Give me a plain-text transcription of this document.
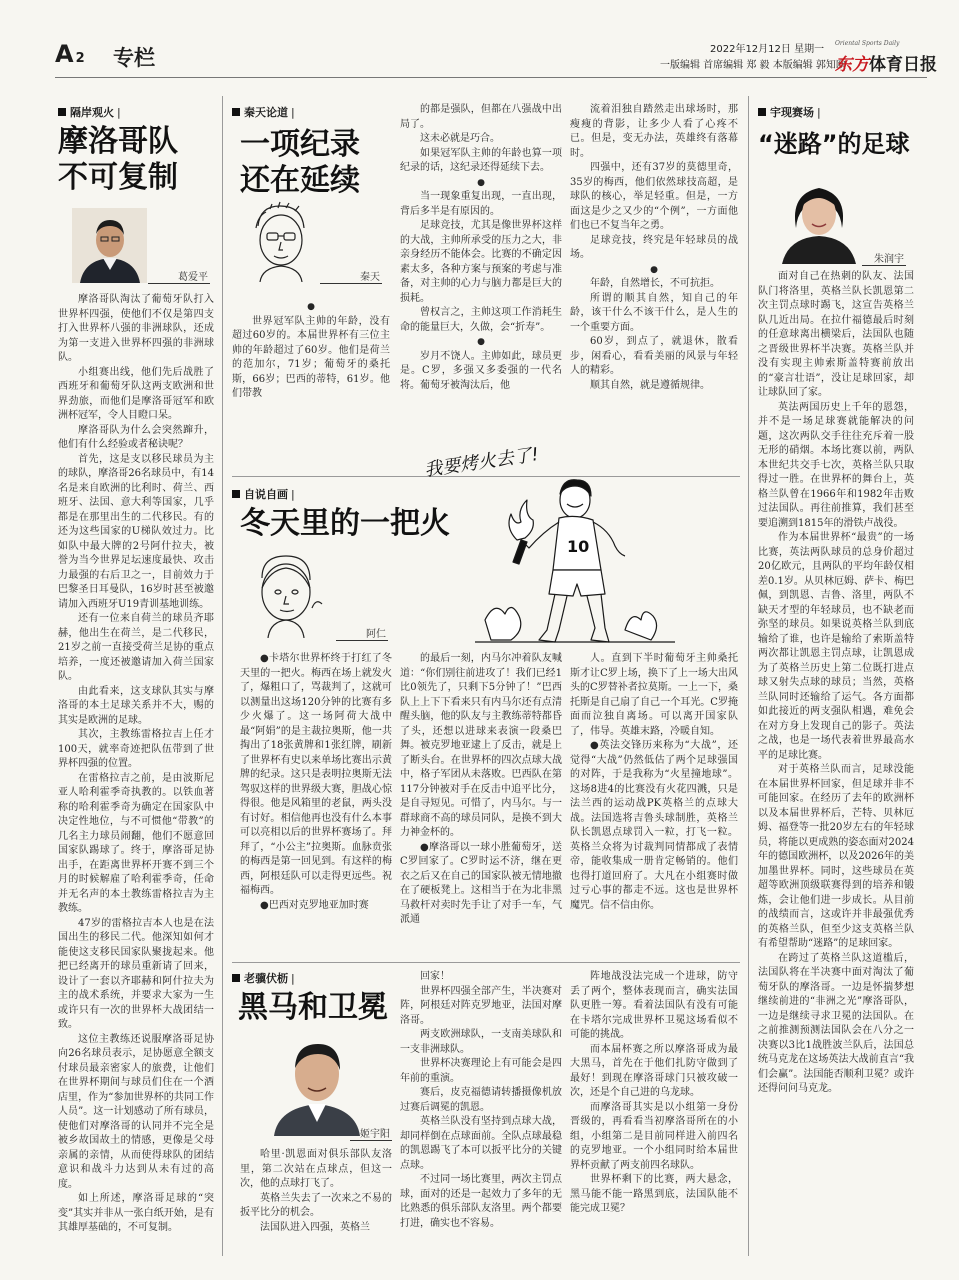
A2 专栏	2022年12月12日 星期一
一版编辑 首席编辑 郑 毅 本版编辑 郭知欧
Oriental Sports Daily
东方体育日报
隔岸观火 |
摩洛哥队
不可复制
葛爱平

摩洛哥队淘汰了葡萄牙队打入世界杯四强，使他们不仅是第四支打入世界杯八强的非洲球队，还成为第一支进入世界杯四强的非洲球队。

小组赛出线，他们先后战胜了西班牙和葡萄牙队这两支欧洲和世界劲旅，而他们是摩洛哥冠军和欧洲杯冠军，令人目瞪口呆。

摩洛哥队为什么会突然蹿升，他们有什么经验或者秘诀呢？

首先，这是支以移民球员为主的球队，摩洛哥26名球员中，有14名是来自欧洲的比利时、荷兰、西班牙、法国、意大利等国家，几乎都是在那里出生的二代移民。有的还为这些国家的U梯队效过力。比如队中最大牌的2号阿什拉夫，被誉为当今世界足坛速度最快、攻击力最强的右后卫之一，目前效力于巴黎圣日耳曼队，16岁时甚至被邀请加入西班牙U19青训基地训练。

还有一位来自荷兰的球员齐耶赫，他出生在荷兰，是二代移民，21岁之前一直接受荷兰足协的重点培养，一度还被邀请加入荷兰国家队。

由此看来，这支球队其实与摩洛哥的本土足球关系并不大，赐的其实是欧洲的足球。

其次，主教练雷格拉吉上任才100天，就率奇迹把队伍带到了世界杯四强的位置。

在雷格拉吉之前，是由波斯尼亚人哈利霍季奇执教的。以铁血著称的哈利霍季奇为确定在国家队中决定性地位，与不可惯他“带教”的几名主力球员闹翻，他们不愿意回国家队踢球了。终于，摩洛哥足协出手，在距离世界杯开赛不到三个月的时候解雇了哈利霍季奇，任命并无名声的本土教练雷格拉吉为主教练。

47岁的雷格拉吉本人也是在法国出生的移民二代。他深知如何才能使这支移民国家队聚拢起来。他把已经离开的球员重新请了回来，设计了一套以齐耶赫和阿什拉夫为主的战术系统，并要求大家为一生或许只有一次的世界杯大战团结一致。

这位主教练还说服摩洛哥足协向26名球员表示，足协愿意全额支付球员最亲密家人的旅费，让他们在世界杯期间与球员们住在一个酒店里，作为“参加世界杯的共同工作人员”。这一计划感动了所有球员，使他们对摩洛哥的认同并不完全是被乡故国故土的情感，更像是父母亲属的亲情，从而使得球队的团结意识和战斗力达到从未有过的高度。

如上所述，摩洛哥足球的“突变”其实并非从一张白纸开始，是有其雄厚基础的，不可复制。

秦天论道 |
一项纪录
还在延续
秦天

●

世界冠军队主帅的年龄，没有超过60岁的。本届世界杯有三位主帅的年龄超过了60岁。他们是荷兰的范加尔，71岁；葡萄牙的桑托斯，66岁；巴西的蒂特，61岁。他们带教

的都是强队，但都在八强战中出局了。

这未必就是巧合。

如果冠军队主帅的年龄也算一项纪录的话，这纪录还得延续下去。

●

当一现象重复出现，一直出现，背后多半是有原因的。

足球竞技，尤其是像世界杯这样的大战，主帅所承受的压力之大，非亲身经历不能体会。比赛的不确定因素太多，各种方案与预案的考虑与准备，对主帅的心力与脑力都是巨大的损耗。

曾权言之，主帅这项工作消耗生命的能量巨大，久做，会“折寿”。

●

岁月不饶人。主帅如此，球员更是。C罗，多强又多委强的一代名将。葡萄牙被淘汰后，他

流着泪独自踏然走出球场时，那瘦瘦的背影，让多少人看了心疼不已。但是，变无办法，英雄终有落幕时。

四强中，还有37岁的莫德里奇，35岁的梅西，他们依然球技高超，是球队的核心，举足轻重。但是，一方面这是少之又少的“个例”，一方面他们也已不复当年之勇。

足球竞技，终究是年轻球员的战场。

●

年龄，自然增长，不可抗拒。

所谓的顺其自然，知自己的年龄，该干什么不该干什么，是人生的一个重要方面。

60岁，到点了，就退休，散看步，闲看心，看看美丽的风景与年轻人的精彩。

顺其自然，就是遵循规律。

自说自画 |
冬天里的一把火
阿仁
我要烤火去了!
10

●卡塔尔世界杯终于打红了冬天里的一把火。梅西在场上就发火了，爆粗口了，骂裁判了，这就可以测量出这场120分钟的比赛有多少火爆了。这一场阿荷大战中最“阿娟”的是主裁拉奥斯，他一共掏出了18张黄牌和1张红牌，刷新了世界杯有史以来单场比赛出示黄牌的纪录。这只是表明拉奥斯无法驾驭这样的世界级大赛，胆战心惊得很。他是风箱里的老鼠，两头没有讨好。相信他再也没有什么本事可以亮相以后的世界杯赛场了。拜拜了，“小公主”拉奥斯。血脉贲张的梅西是第一回见到。有这样的梅西，阿根廷队可以走得更远些。祝福梅西。

●巴西对克罗地亚加时赛

的最后一刻，内马尔冲着队友喊道：“你们别往前进攻了！我们已经1比0领先了，只剩下5分钟了！”巴西队上上下下看来只有内马尔还有点清醒头脑，他的队友与主教练蒂特都昏了头，还想以进球来表演一段桑巴舞。被克罗地亚逮上了反击，就是上了断头台。在世界杯的四次点球大战中，格子军团从未落败。巴西队在第117分钟被对手在反击中追平比分，是自寻短见。可惜了，内马尔。与一群球商不高的球员同队，是换不到大力神金杯的。

●摩洛哥以一球小胜葡萄牙，送C罗回家了。C罗时运不济，继在更衣之后又在自己的国家队被无情地撤在了硬板凳上。这相当于在为北非黑马救杆对卖时先手让了对手一车，气派通

人。直到下半时葡萄牙主帅桑托斯才让C罗上场，换下了上一场大出风头的C罗替补者拉莫斯。一上一下，桑托斯是自己扇了自己一个耳光。C罗掩面而泣独自离场。可以离开国家队了，伟导。英雄末路，冷暖自知。

●英法交锋历来称为“大战”，还觉得“大战”仍然低估了两个足球强国的对阵，于是我称为“火星撞地球”。这场8进4的比赛没有火花四溅，只是法兰西的运动战PK英格兰的点球大战。法国选将吉鲁头球制胜，英格兰队长凯恩点球罚入一粒，打飞一粒。英格兰众将为讨裁判同情都成了表情帝，能收集成一册肯定畅销的。他们也得打道回府了。大凡在小组赛时做过亏心事的都走不远。这也是世界杯魔咒。信不信由你。

老骥伏枥 |
黑马和卫冕
姬宇阳

哈里·凯恩面对俱乐部队友洛里，第二次站在点球点，但这一次，他的点球打飞了。

英格兰失去了一次来之不易的扳平比分的机会。

法国队进入四强，英格兰

回家！

世界杯四强全部产生，半决赛对阵，阿根廷对阵克罗地亚，法国对摩洛哥。

两支欧洲球队，一支南美球队和一支非洲球队。

世界杯决赛理论上有可能会是四年前的重演。

赛后，皮克福德请转播摄像机放过赛后调冕的凯恩。

英格兰队没有坚持到点球大战，却同样倒在点球面前。全队点球最稳的凯恩踢飞了本可以扳平比分的关键点球。

不过同一场比赛里，两次主罚点球，面对的还是一起效力了多年的无比熟悉的俱乐部队友洛里。两个都要打进，确实也不容易。

阵地战没法完成一个进球，防守丢了两个，整体表现而言，确实法国队更胜一筹。看着法国队有没有可能在卡塔尔完成世界杯卫冕这场看似不可能的挑战。

而本届杯赛之所以摩洛哥成为最大黑马，首先在于他们扎防守做到了最好！到现在摩洛哥球门只被攻破一次，还是个自己进的乌龙球。

而摩洛哥其实是以小组第一身份晋级的，再看看当初摩洛哥所在的小组，小组第二是目前同样进入前四名的克罗地亚。一个小组同时给本届世界杯贡献了两支前四名球队。

世界杯剩下的比赛，两大悬念，黑马能不能一路黑到底，法国队能不能完成卫冕？

宇现赛场 |
“迷路”的足球
朱润宇

面对自己在热刺的队友、法国队门将洛里，英格兰队长凯恩第二次主罚点球时踢飞，这宣告英格兰队几近出局。在拉什福德最后时刻的任意球离出横梁后，法国队也随之晋级世界杯半决赛。英格兰队并没有实现主帅索斯盖特赛前放出的“豪言壮语”，没让足球回家，却让球队回了家。

英法两国历史上千年的恩怨，并不是一场足球赛就能解决的问题，这次两队交手往往充斥着一股无形的硝烟。本场比赛以前，两队本世纪共交手七次，英格兰队只取得过一胜。在世界杯的舞台上，英格兰队曾在1966年和1982年击败过法国队。再往前推算，我们甚至要追溯到1815年的滑铁卢战役。

作为本届世界杯“最贵”的一场比赛，英法两队球员的总身价超过20亿欧元，且两队的平均年龄仅相差0.1岁。从贝林厄姆、萨卡、梅巴佩，到凯恩、吉鲁、洛里，两队不缺天才型的年轻球员，也不缺老而弥坚的球员。如果说英格兰队到底输给了谁，也许是输给了索斯盖特两次都让凯恩主罚点球，让凯恩成为了英格兰历史上第二位既打进点球又射失点球的球员；当然，英格兰队同时还输给了运气。各方面都如此接近的两支强队相遇，难免会在对方身上发现自己的影子。英法之战，也是一场代表着世界最高水平的足球比赛。

对于英格兰队而言，足球没能在本届世界杯回家，但足球并非不可能回家。在经历了去年的欧洲杯以及本届世界杯后，芒特、贝林厄姆、福登等一批20岁左右的年轻球员，将能以更成熟的姿态面对2024年的德国欧洲杯，以及2026年的美加墨世界杯。同时，这些球员在英超等欧洲顶级联赛得到的培养和锻炼，会让他们进一步成长。从目前的战绩而言，这或许并非最强优秀的英格兰队，但至少这支英格兰队有希望帮助“迷路”的足球回家。

在跨过了英格兰队这道槛后，法国队将在半决赛中面对淘汰了葡萄牙队的摩洛哥。一边是怀揣梦想继续前进的“非洲之光”摩洛哥队，一边是继续寻求卫冕的法国队。在之前推测预测法国队会在八分之一决赛以3比1战胜波兰队后，法国总统马克龙在这场英法大战前直言“我们会赢”。法国能否顺利卫冕？或许还得问问马克龙。
